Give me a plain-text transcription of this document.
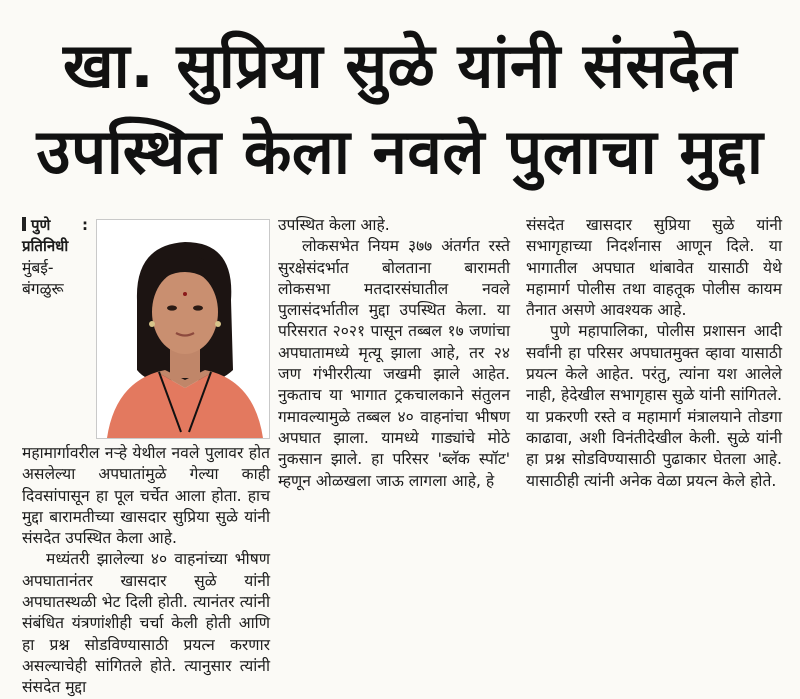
खा. सुप्रिया सुळे यांनी संसदेत
उपस्थित केला नवले पुलाचा मुद्दा

पुणे : प्रतिनिधी

मुंबई-बंगळुरू महामार्गावरील नऱ्हे येथील नवले पुलावर होत असलेल्या अपघातांमुळे गेल्या काही दिवसांपासून हा पूल चर्चेत आला होता. हाच मुद्दा बारामतीच्या खासदार सुप्रिया सुळे यांनी संसदेत उपस्थित केला आहे.

मध्यंतरी झालेल्या ४० वाहनांच्या भीषण अपघातानंतर खासदार सुळे यांनी अपघातस्थळी भेट दिली होती. त्यानंतर त्यांनी संबंधित यंत्रणांशीही चर्चा केली होती आणि हा प्रश्न सोडविण्यासाठी प्रयत्न करणार असल्याचेही सांगितले होते. त्यानुसार त्यांनी संसदेत मुद्दा

उपस्थित केला आहे.

लोकसभेत नियम ३७७ अंतर्गत रस्ते सुरक्षेसंदर्भात बोलताना बारामती लोकसभा मतदारसंघातील नवले पुलासंदर्भातील मुद्दा उपस्थित केला. या परिसरात २०२१ पासून तब्बल १७ जणांचा अपघातामध्ये मृत्यू झाला आहे, तर २४ जण गंभीररीत्या जखमी झाले आहेत. नुकताच या भागात ट्रकचालकाने संतुलन गमावल्यामुळे तब्बल ४० वाहनांचा भीषण अपघात झाला. यामध्ये गाड्यांचे मोठे नुकसान झाले. हा परिसर 'ब्लॅक स्पॉट' म्हणून ओळखला जाऊ लागला आहे, हे

संसदेत खासदार सुप्रिया सुळे यांनी सभागृहाच्या निदर्शनास आणून दिले. या भागातील अपघात थांबावेत यासाठी येथे महामार्ग पोलीस तथा वाहतूक पोलीस कायम तैनात असणे आवश्यक आहे.

पुणे महापालिका, पोलीस प्रशासन आदी सर्वांनी हा परिसर अपघातमुक्त व्हावा यासाठी प्रयत्न केले आहेत. परंतु, त्यांना यश आलेले नाही, हेदेखील सभागृहास सुळे यांनी सांगितले. या प्रकरणी रस्ते व महामार्ग मंत्रालयाने तोडगा काढावा, अशी विनंतीदेखील केली. सुळे यांनी हा प्रश्न सोडविण्यासाठी पुढाकार घेतला आहे. यासाठीही त्यांनी अनेक वेळा प्रयत्न केले होते.
